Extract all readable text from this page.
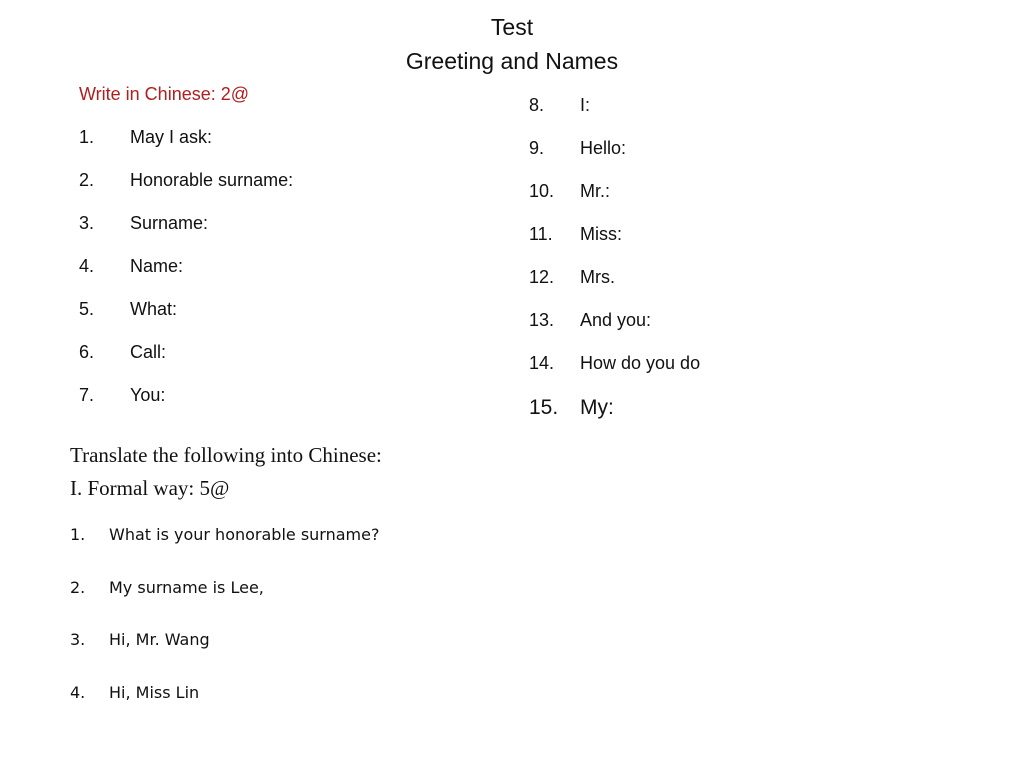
Test
Greeting and Names
Write in Chinese: 2@
1. May I ask:
2. Honorable surname:
3. Surname:
4. Name:
5. What:
6. Call:
7. You:
8. I:
9. Hello:
10. Mr.:
11. Miss:
12. Mrs.
13. And you:
14. How do you do
15. My:
Translate the following into Chinese:
I. Formal way: 5@
1. What is your honorable surname?
2. My surname is Lee,
3. Hi, Mr. Wang
4. Hi, Miss Lin
